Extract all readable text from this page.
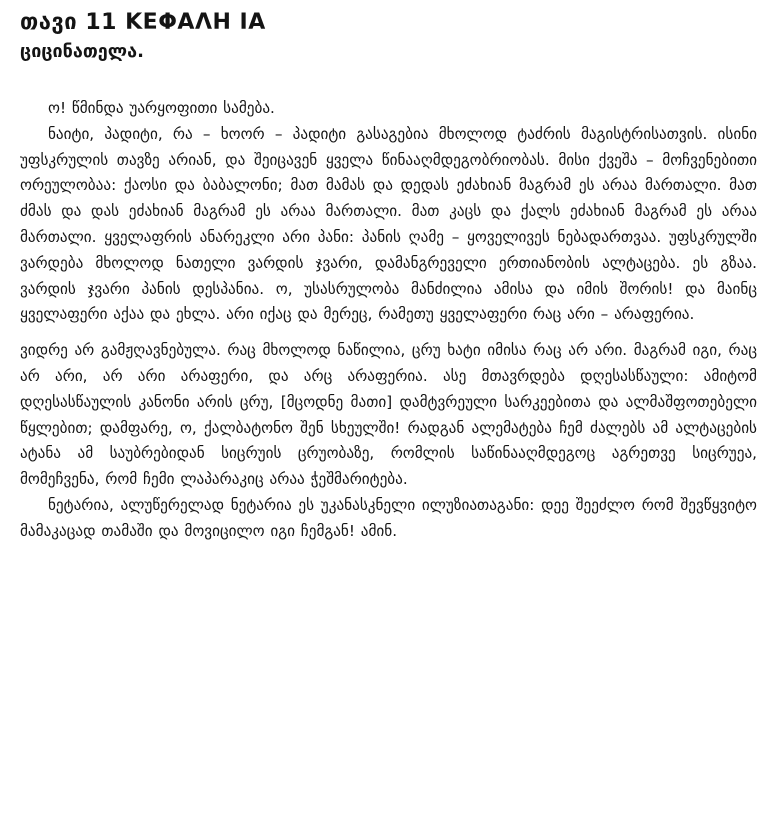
თავი 11 ΚΕΦΑΛΗ ΙΑ
ციცინათელა.

ო! წმინდა უარყოფითი სამება.

ნაიტი, პადიტი, რა – ხოორ – პადიტი გასაგებია მხოლოდ ტაძრის მაგისტრისათვის. ისინი უფსკრულის თავზე არიან, და შეიცავენ ყველა წინააღმდეგობრიობას. მისი ქვეშა – მოჩვენებითი ორეულობაა: ქაოსი და ბაბალონი; მათ მამას და დედას ეძახიან მაგრამ ეს არაა მართალი. მათ ძმას და დას ეძახიან მაგრამ ეს არაა მართალი. მათ კაცს და ქალს ეძახიან მაგრამ ეს არაა მართალი. ყველაფრის ანარეკლი არი პანი: პანის ღამე – ყოველივეს ნებადართვაა. უფსკრულში ვარდება მხოლოდ ნათელი ვარდის ჯვარი, დამანგრეველი ერთიანობის ალტაცება. ეს გზაა. ვარდის ჯვარი პანის დესპანია. ო, უსასრულობა მანძილია ამისა და იმის შორის! და მაინც ყველაფერი აქაა და ეხლა. არი იქაც და მერეც, რამეთუ ყველაფერი რაც არი – არაფერია.

ვიდრე არ გამჟღავნებულა. რაც მხოლოდ ნაწილია, ცრუ ხატი იმისა რაც არ არი. მაგრამ იგი, რაც არ არი, არ არი არაფერი, და არც არაფერია. ასე მთავრდება დღესასწაული: ამიტომ დღესასწაულის კანონი არის ცრუ, [მცოდნე მათი] დამტვრეული სარკეებითა და ალმაშფოთებელი წყლებით; დამფარე, ო, ქალბატონო შენ სხეულში! რადგან ალემატება ჩემ ძალებს ამ ალტაცების ატანა ამ საუბრებიდან სიცრუის ცრუობაზე, რომლის საწინააღმდეგოც აგრეთვე სიცრუეა, მომეჩვენა, რომ ჩემი ლაპარაკიც არაა ჭეშმარიტება.

ნეტარია, ალუწერელად ნეტარია ეს უკანასკნელი ილუზიათაგანი: დეე შეეძლო რომ შევწყვიტო მამაკაცად თამაში და მოვიცილო იგი ჩემგან! ამინ.
